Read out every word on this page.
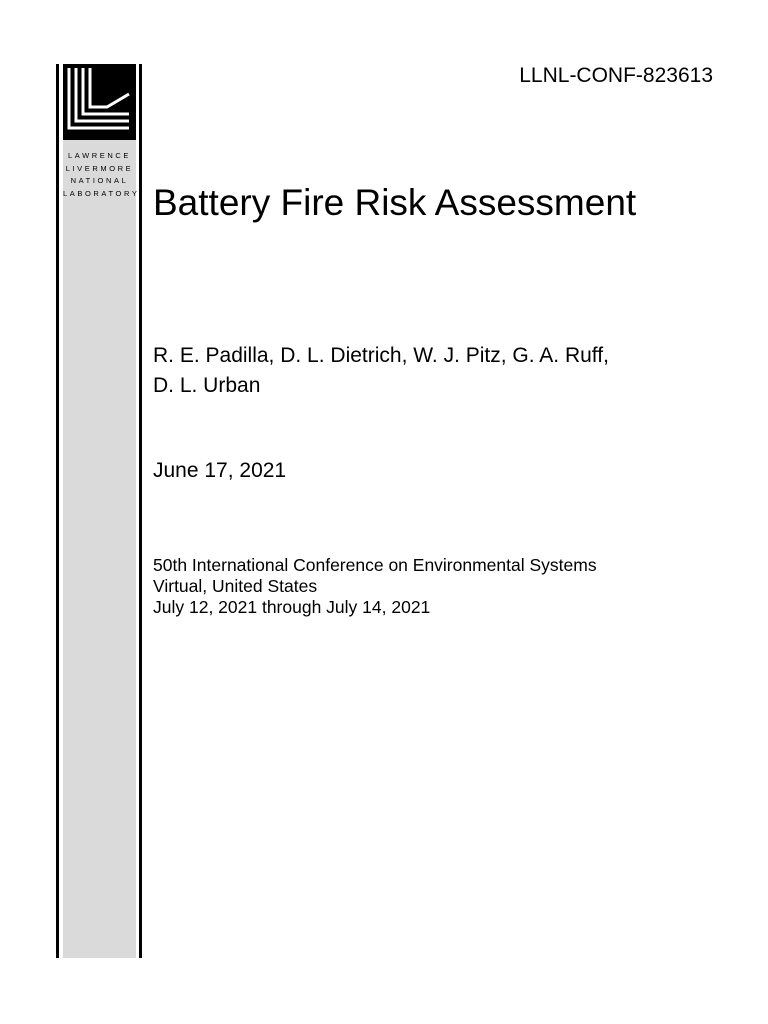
LAWRENCE
LIVERMORE
NATIONAL
LABORATORY
LLNL-CONF-823613
Battery Fire Risk Assessment
R. E. Padilla, D. L. Dietrich, W. J. Pitz, G. A. Ruff,
D. L. Urban
June 17, 2021
50th International Conference on Environmental Systems
Virtual, United States
July 12, 2021 through July 14, 2021
